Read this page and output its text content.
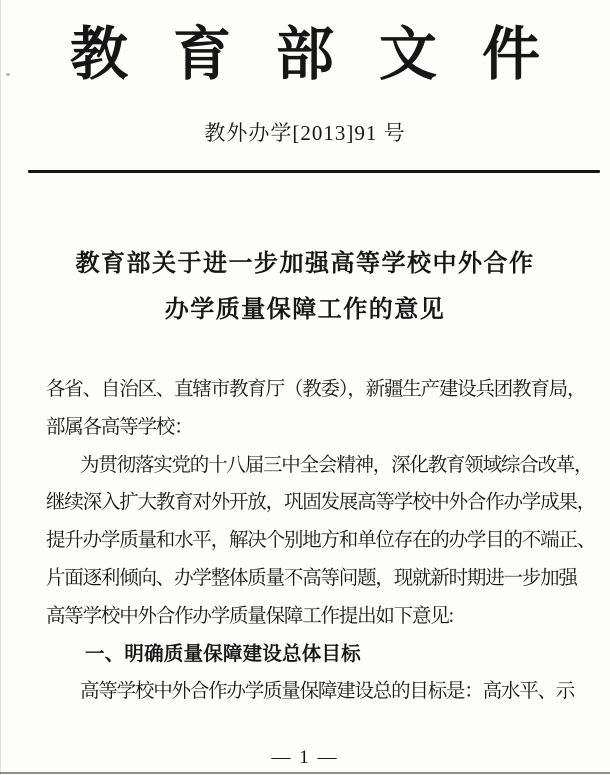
教育部文件
教外办学[2013]91 号
教育部关于进一步加强高等学校中外合作
办学质量保障工作的意见
各省、自治区、直辖市教育厅（教委），新疆生产建设兵团教育局，
部属各高等学校：
为贯彻落实党的十八届三中全会精神，深化教育领域综合改革，
继续深入扩大教育对外开放，巩固发展高等学校中外合作办学成果，
提升办学质量和水平，解决个别地方和单位存在的办学目的不端正、
片面逐利倾向、办学整体质量不高等问题，现就新时期进一步加强
高等学校中外合作办学质量保障工作提出如下意见:
一、明确质量保障建设总体目标
高等学校中外合作办学质量保障建设总的目标是：高水平、示
— 1 —
